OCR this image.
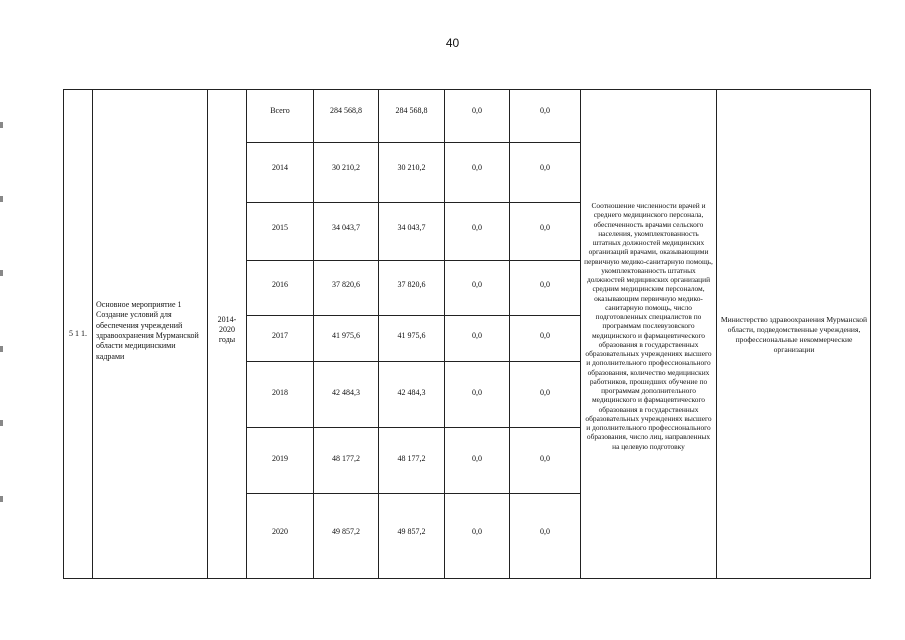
40
5 1 1.
Основное мероприятие 1 Создание условий для обеспечения учреждений здравоохранения Мурманской области медицинскими кадрами
2014-
2020
годы
Соотношение численности врачей и среднего медицинского персонала, обеспеченность врачами сельского населения, укомплектованность штатных должностей медицинских организаций врачами, оказывающими первичную медико-санитарную помощь, укомплектованность штатных должностей медицинских организаций средним медицинским персоналом, оказывающим первичную медико-санитарную помощь, число подготовленных специалистов по программам послевузовского медицинского и фармацевтического образования в государственных образовательных учреждениях высшего и дополнительного профессионального образования, количество медицинских работников, прошедших обучение по программам дополнительного медицинского и фармацевтического образования в государственных образовательных учреждениях высшего и дополнительного профессионального образования, число лиц, направленных на целевую подготовку
Министерство здравоохранения Мурманской области, подведомственные учреждения, профессиональные некоммерческие организации
Всего	284 568,8	284 568,8	0,0	0,0
2014	30 210,2	30 210,2	0,0	0,0
2015	34 043,7	34 043,7	0,0	0,0
2016	37 820,6	37 820,6	0,0	0,0
2017	41 975,6	41 975,6	0,0	0,0
2018	42 484,3	42 484,3	0,0	0,0
2019	48 177,2	48 177,2	0,0	0,0
2020	49 857,2	49 857,2	0,0	0,0
